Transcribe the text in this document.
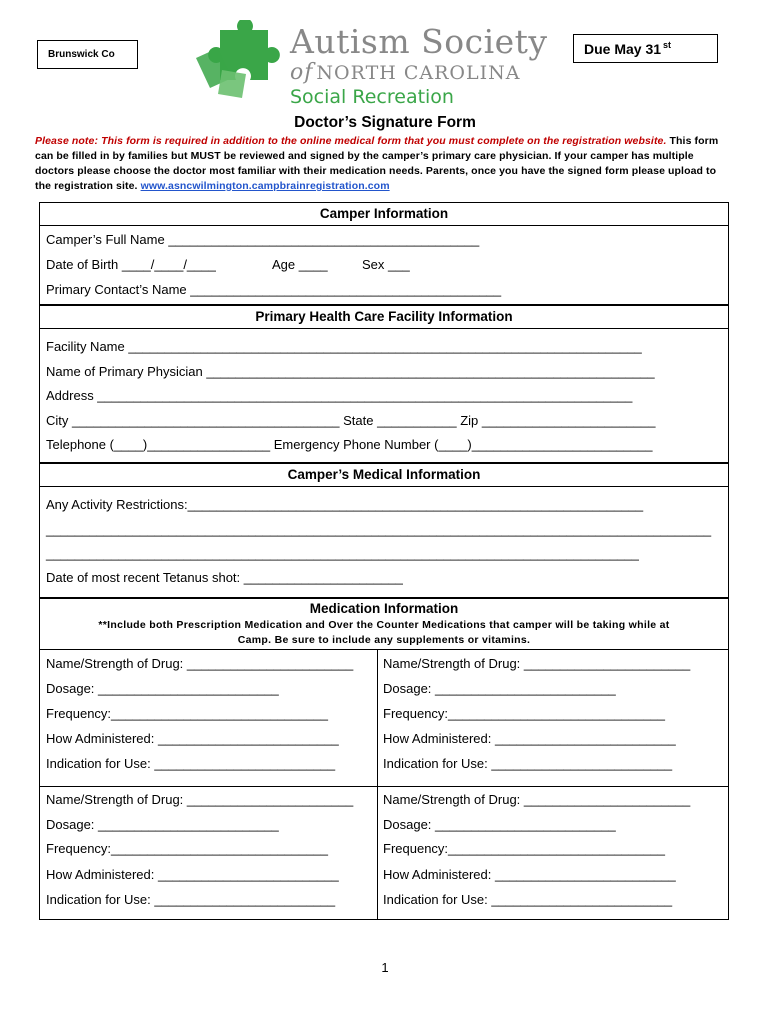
Brunswick Co	Autism Society
of NORTH CAROLINA
Social Recreation
Due May 31st
Doctor’s Signature Form
Please note: This form is required in addition to the online medical form that you must complete on the registration website. This form can be filled in by families but MUST be reviewed and signed by the camper’s primary care physician. If your camper has multiple doctors please choose the doctor most familiar with their medication needs. Parents, once you have the signed form please upload to the registration site. www.asncwilmington.campbrainregistration.com
Camper Information
Camper’s Full Name ___________________________________________
Date of Birth ____/____/____	Age ____	Sex ___
Primary Contact’s Name ___________________________________________
Primary Health Care Facility Information
Facility Name _______________________________________________________________________
Name of Primary Physician ______________________________________________________________
Address __________________________________________________________________________
City _____________________________________ State ___________ Zip ________________________
Telephone (____)_________________ Emergency Phone Number (____)_________________________
Camper’s Medical Information
Any Activity Restrictions:_______________________________________________________________
____________________________________________________________________________________________
__________________________________________________________________________________
Date of most recent Tetanus shot: ______________________
Medication Information
**Include both Prescription Medication and Over the Counter Medications that camper will be taking while at
Camp. Be sure to include any supplements or vitamins.
Name/Strength of Drug: _______________________
Dosage: _________________________
Frequency:______________________________
How Administered: _________________________
Indication for Use: _________________________
Name/Strength of Drug: _______________________
Dosage: _________________________
Frequency:______________________________
How Administered: _________________________
Indication for Use: _________________________
Name/Strength of Drug: _______________________
Dosage: _________________________
Frequency:______________________________
How Administered: _________________________
Indication for Use: _________________________
Name/Strength of Drug: _______________________
Dosage: _________________________
Frequency:______________________________
How Administered: _________________________
Indication for Use: _________________________
1
